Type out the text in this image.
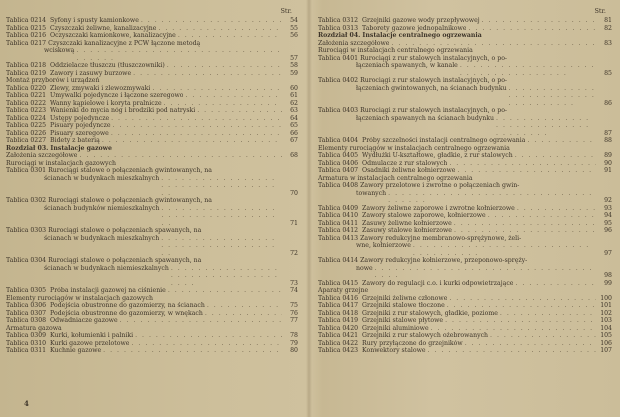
Str.
Tablica 0214  Syfony i spusty kamionkowe . . .	54
Tablica 0215  Czyszczaki żeliwne, kanalizacyjne . . .	55
Tablica 0216  Oczyszczaki kamionkowe, kanalizacyjne . . .	56
Tablica 0217 Czyszczaki kanalizacyjne z PCW łączone metodą
wciskową
. . .
57
Tablica 0218  Oddzielacze tłuszczu (tłuszczowniki) . . .	58
Tablica 0219  Zawory i zasuwy burzowe . . .	59
Montaż przyborów i urządzeń
Tablica 0220  Zlewy, zmywaki i zlewozmywaki . . .	60
Tablica 0221  Umywalki pojedyncze i łączone szeregowo . . .	61
Tablica 0222  Wanny kąpielowe i koryta pralnicze . . .	62
Tablica 0223  Wanienki do mycia nóg i brodziki pod natryski . . .	63
Tablica 0224  Ustępy pojedyncze . . .	64
Tablica 0225  Pisuary pojedyncze . . .	65
Tablica 0226  Pisuary szeregowe . . .	66
Tablica 0227  Bidety z baterią . . .	67
Rozdział 03. Instalacje gazowe
Założenia szczegółowe . . .	68
Rurociągi w instalacjach gazowych
Tablica 0301 Rurociągi stalowe o połączeniach gwintowanych, na
ścianach w budynkach mieszkalnych
. . .
70
Tablica 0302 Rurociągi stalowe o połączeniach gwintowanych, na
ścianach budynków niemieszkalnych
. . .
71
Tablica 0303 Rurociągi stalowe o połączeniach spawanych, na
ścianach w budynkach mieszkalnych
. . .
72
Tablica 0304 Rurociągi stalowe o połączeniach spawanych, na
ścianach w budynkach niemieszkalnych
. . .
73
Tablica 0305  Próba instalacji gazowej na ciśnienie . . .	74
Elementy rurociągów w instalacjach gazowych
Tablica 0306  Podejścia obustronne do gazomierzy, na ścianach . . .	75
Tablica 0307  Podejścia obustronne do gazomierzy, w wnękach . . .	76
Tablica 0308  Odwadniacze gazowe . . .	77
Armatura gazowa
Tablica 0309  Kurki, kołumienki i palniki . . .	78
Tablica 0310  Kurki gazowe przelotowe . . .	79
Tablica 0311  Kuchnie gazowe . . .	80
Str.
Tablica 0312  Grzejniki gazowe wody przepływowej . . .	81
Tablica 0313  Taborety gazowe jednopalnikowe . . .	82
Rozdział 04. Instalacje centralnego ogrzewania
Założenia szczegółowe . . .	83
Rurociągi w instalacjach centralnego ogrzewania
Tablica 0401 Rurociągi z rur stalowych instalacyjnych, o po-
łączeniach spawanych, w kanale
. . .
85
Tablica 0402 Rurociągi z rur stalowych instalacyjnych, o po-
łączeniach gwintowanych, na ścianach budynku
. . .
86
Tablica 0403 Rurociągi z rur stalowych instalacyjnych, o po-
łączeniach spawanych na ścianach budynku
. . .
87
Tablica 0404  Próby szczelności instalacji centralnego ogrzewania . . .	88
Elementy rurociągów w instalacjach centralnego ogrzewania
Tablica 0405  Wydłużki U-kształtowe, gładkie, z rur stalowych . . .	89
Tablica 0406  Odmulacze z rur stalowych . . .	90
Tablica 0407  Osadniki żeliwne kołnierzowe . . .	91
Armatura w instalacjach centralnego ogrzewania
Tablica 0408 Zawory przelotowe i zwrotne o połączeniach gwin-
towanych
. . .
92
Tablica 0409  Zawory żeliwne zaporowe i zwrotne kołnierzowe . . .	93
Tablica 0410  Zawory stalowe zaporowe, kołnierzowe . . .	94
Tablica 0411  Zasuwy żeliwne kołnierzowe . . .	95
Tablica 0412  Zasuwy stalowe kołnierzowe . . .	96
Tablica 0413 Zawory redukcyjne membranowo-sprężynowe, żeli-
wne, kołnierzowe
. . .
97
Tablica 0414 Zawory redukcyjne kołnierzowe, przeponowo-spręży-
nowe
. . .
98
Tablica 0415  Zawory do regulacji c.o. i kurki odpowietrzające . . .	99
Aparaty grzejne
Tablica 0416  Grzejniki żeliwne członowe . . .	100
Tablica 0417  Grzejniki stalowe tłoczone . . .	101
Tablica 0418  Grzejniki z rur stalowych, gładkie, poziome . . .	102
Tablica 0419  Grzejniki stalowe płytowe . . .	103
Tablica 0420  Grzejniki aluminiowe . . .	104
Tablica 0421  Grzejniki z rur stalowych ożebrowanych . . .	105
Tablica 0422  Rury przyłączone do grzejników . . .	106
Tablica 0423  Konwektory stalowe . . .	107
4
